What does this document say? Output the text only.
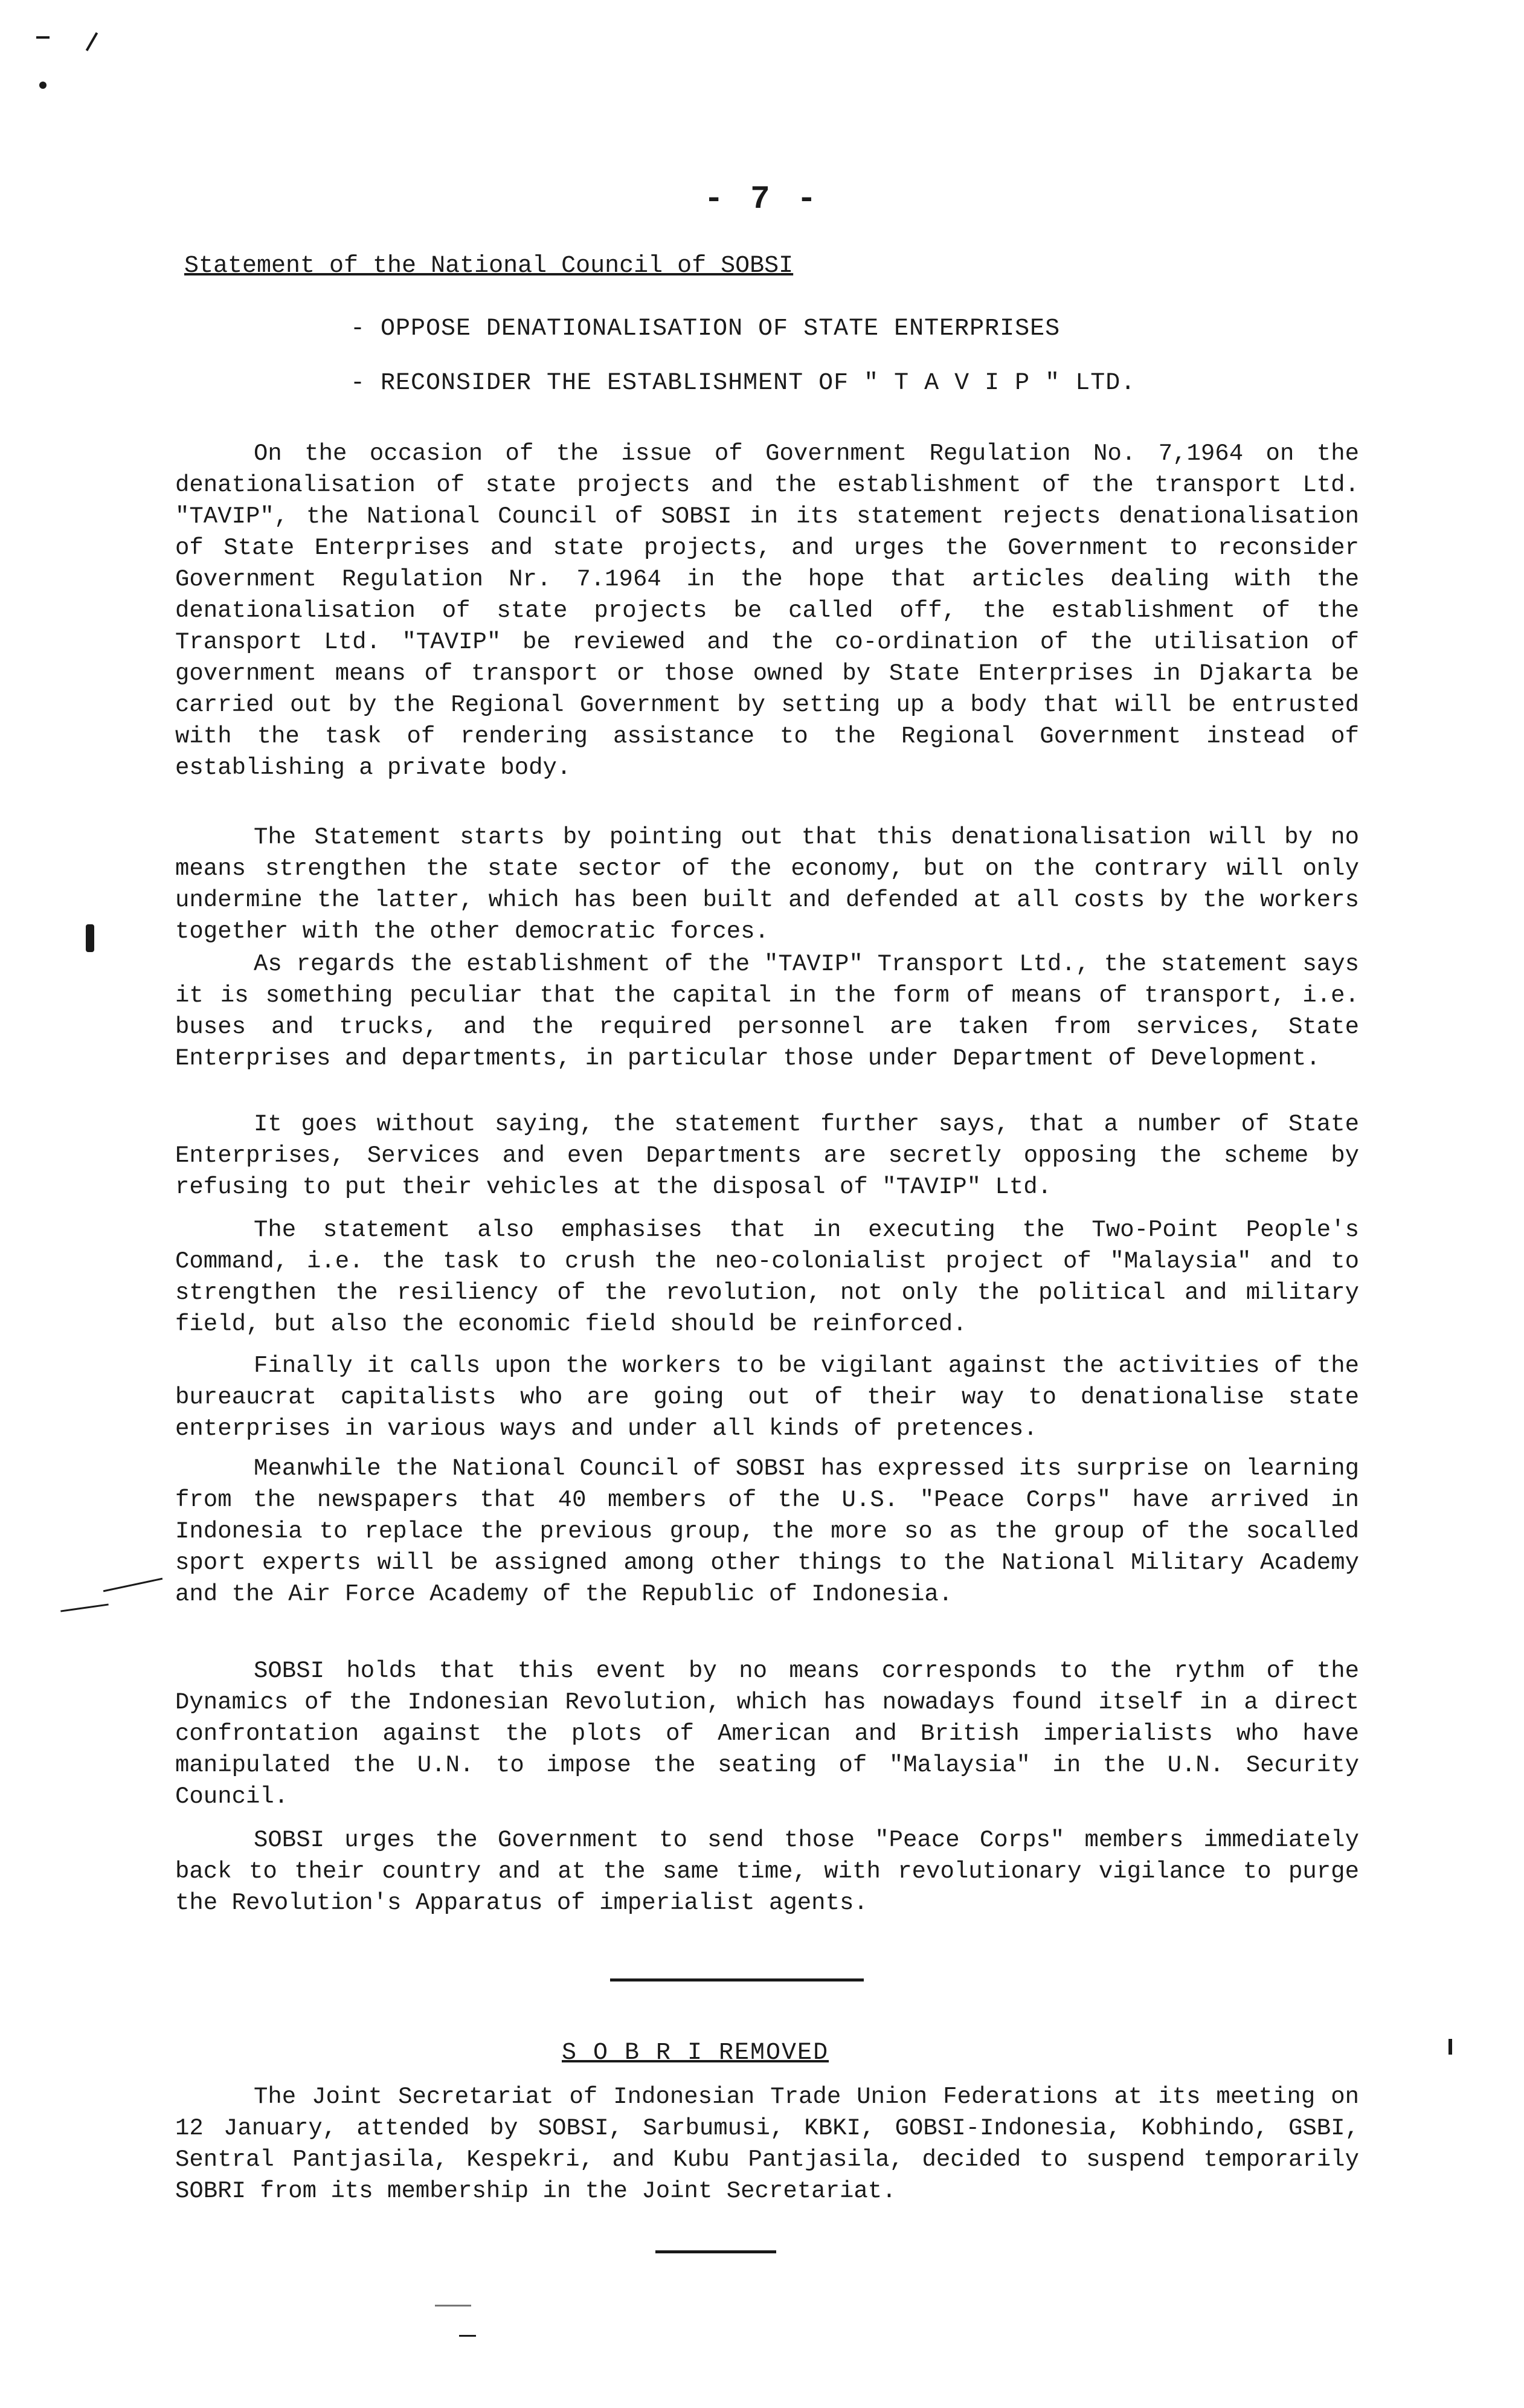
- 7 -
Statement of the National Council of SOBSI
- OPPOSE DENATIONALISATION OF STATE ENTERPRISES
- RECONSIDER THE ESTABLISHMENT OF " T A V I P " LTD.

On the occasion of the issue of Government Regulation No. 7,1964 on the denationalisation of state projects and the establishment of the transport Ltd. "TAVIP", the National Council of SOBSI in its statement rejects denationalisation of State Enterprises and state projects, and urges the Government to reconsider Government Regulation Nr. 7.1964 in the hope that articles dealing with the denationalisation of state projects be called off, the establishment of the Transport Ltd. "TAVIP" be reviewed and the co-ordination of the utilisation of government means of transport or those owned by State Enterprises in Djakarta be carried out by the Regional Government by setting up a body that will be entrusted with the task of rendering assistance to the Regional Government instead of establishing a private body.

The Statement starts by pointing out that this denationalisation will by no means strengthen the state sector of the economy, but on the contrary will only undermine the latter, which has been built and defended at all costs by the workers together with the other democratic forces.

As regards the establishment of the "TAVIP" Transport Ltd., the statement says it is something peculiar that the capital in the form of means of transport, i.e. buses and trucks, and the required personnel are taken from services, State Enterprises and departments, in particular those under Department of Development.

It goes without saying, the statement further says, that a number of State Enterprises, Services and even Departments are secretly opposing the scheme by refusing to put their vehicles at the disposal of "TAVIP" Ltd.

The statement also emphasises that in executing the Two-Point People's Command, i.e. the task to crush the neo-colonialist project of "Malaysia" and to strengthen the resiliency of the revolution, not only the political and military field, but also the economic field should be reinforced.

Finally it calls upon the workers to be vigilant against the activities of the bureaucrat capitalists who are going out of their way to denationalise state enterprises in various ways and under all kinds of pretences.

Meanwhile the National Council of SOBSI has expressed its surprise on learning from the newspapers that 40 members of the U.S. "Peace Corps" have arrived in Indonesia to replace the previous group, the more so as the group of the socalled sport experts will be assigned among other things to the National Military Academy and the Air Force Academy of the Republic of Indonesia.

SOBSI holds that this event by no means corresponds to the rythm of the Dynamics of the Indonesian Revolution, which has nowadays found itself in a direct confrontation against the plots of American and British imperialists who have manipulated the U.N. to impose the seating of "Malaysia" in the U.N. Security Council.

SOBSI urges the Government to send those "Peace Corps" members immediately back to their country and at the same time, with revolutionary vigilance to purge the Revolution's Apparatus of imperialist agents.

S O B R I REMOVED

The Joint Secretariat of Indonesian Trade Union Federations at its meeting on 12 January, attended by SOBSI, Sarbumusi, KBKI, GOBSI-Indonesia, Kobhindo, GSBI, Sentral Pantjasila, Kespekri, and Kubu Pantjasila, decided to suspend temporarily SOBRI from its membership in the Joint Secretariat.
